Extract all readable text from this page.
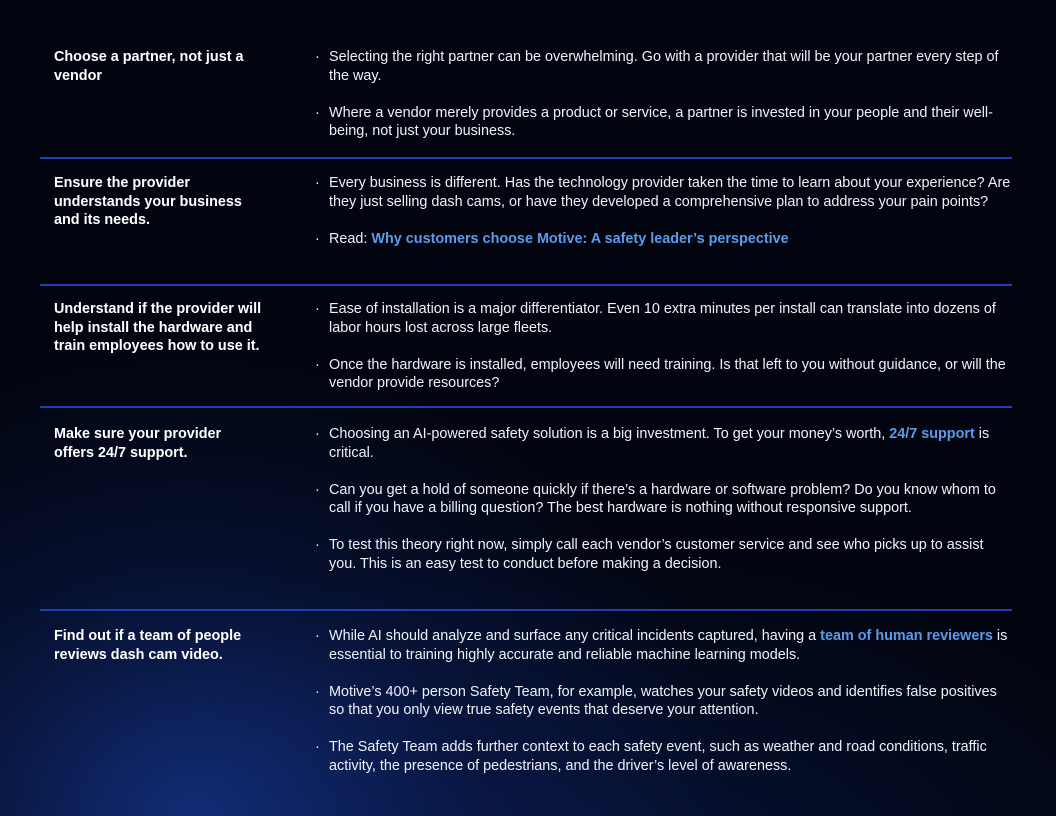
Choose a partner, not just a vendor
· Selecting the right partner can be overwhelming. Go with a provider that will be your partner every step of the way.
· Where a vendor merely provides a product or service, a partner is invested in your people and their well-being, not just your business.
Ensure the provider understands your business and its needs.
· Every business is different. Has the technology provider taken the time to learn about your experience? Are they just selling dash cams, or have they developed a comprehensive plan to address your pain points?
· Read: Why customers choose Motive: A safety leader’s perspective
Understand if the provider will help install the hardware and train employees how to use it.
· Ease of installation is a major differentiator. Even 10 extra minutes per install can translate into dozens of labor hours lost across large fleets.
· Once the hardware is installed, employees will need training. Is that left to you without guidance, or will the vendor provide resources?
Make sure your provider offers 24/7 support.
· Choosing an AI-powered safety solution is a big investment. To get your money’s worth, 24/7 support is critical.
· Can you get a hold of someone quickly if there’s a hardware or software problem? Do you know whom to call if you have a billing question? The best hardware is nothing without responsive support.
· To test this theory right now, simply call each vendor’s customer service and see who picks up to assist you. This is an easy test to conduct before making a decision.
Find out if a team of people reviews dash cam video.
· While AI should analyze and surface any critical incidents captured, having a team of human reviewers is essential to training highly accurate and reliable machine learning models.
· Motive’s 400+ person Safety Team, for example, watches your safety videos and identifies false positives so that you only view true safety events that deserve your attention.
· The Safety Team adds further context to each safety event, such as weather and road conditions, traffic activity, the presence of pedestrians, and the driver’s level of awareness.
